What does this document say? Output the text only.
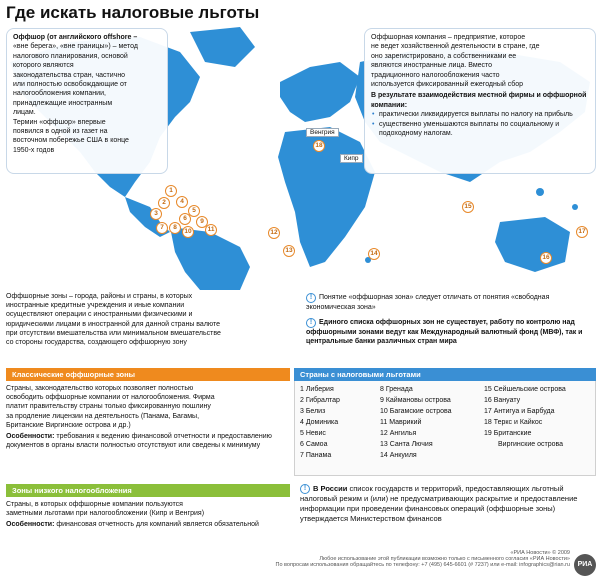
Где искать налоговые льготы
Оффшор (от английского offshore –
«вне берега», «вне границы») – метод
налогового планирования, основой
которого являются
законодательства стран, частично
или полностью освобождающие от
налогообложения компании,
принадлежащие иностранным
лицам.
Термин «оффшор» впервые
появился в одной из газет на
восточном побережье США в конце
1950-х годов
Оффшорная компания – предприятие, которое
не ведет хозяйственной деятельности в стране, где
оно зарегистрировано, а собственниками ее
являются иностранные лица. Вместо
традиционного налогообложения часто
используется фиксированный ежегодный сбор
В результате взаимодействия местной фирмы и оффшорной компании:
• практически ликвидируется выплаты по налогу на прибыль
• существенно уменьшаются выплаты по социальному и подоходному налогам.
Венгрия
Кипр
1
2
3
4
5
6
7	8
9
10	11	12
13	14
15
16
17
18
Оффшорные зоны – города, районы и страны, в которых
иностранные кредитные учреждения и иные компании
осуществляют операции с иностранными физическими и
юридическими лицами в иностранной для данной страны валюте
при отсутствии вмешательства или минимальном вмешательстве
со стороны государства, создающего оффшорную зону
! Понятие «оффшорная зона» следует отличать от понятия «свободная экономическая зона»
! Единого списка оффшорных зон не существует, работу по контролю над оффшорными зонами ведут как Международный валютный фонд (МВФ), так и центральные банки различных стран мира
Классические оффшорные зоны
Страны, законодательство которых позволяет полностью
освободить оффшорные компании от налогообложения. Фирма
платит правительству страны только фиксированную пошлину
за продление лицензии на деятельность (Панама, Багамы,
Британские Виргинские острова и др.)
Особенности: требования к ведению финансовой отчетности и предоставлению документов в органы власти полностью отсутствуют или сведены к минимуму
Зоны низкого налогообложения
Страны, в которых оффшорные компании пользуются
заметными льготами при налогообложении (Кипр и Венгрия)
Особенности: финансовая отчетность для компаний является обязательной
Страны с налоговыми льготами
1 Либерия
2 Гибралтар
3 Белиз
4 Доминика
5 Невис
6 Самоа
7 Панама
8 Гренада
9 Каймановы острова
10 Багамские острова
11 Маврикий
12 Ангилья
13 Санта Лючия
14 Анкуиля
15 Сейшельские острова
16 Вануату
17 Антигуа и Барбуда
18 Теркс и Кайкос
19 Британские
Виргинские острова
! В России список государств и территорий, предоставляющих льготный налоговый режим и (или) не предусматривающих раскрытие и предоставление информации при проведении финансовых операций (оффшорные зоны) утверждается Министерством финансов
«РИА Новости» © 2009
Любое использование этой публикации возможно только с письменного согласия «РИА Новости»
По вопросам использования обращайтесь по телефону: +7 (495) 645-6601 (# 7237) или e-mail: infographics@rian.ru	РИА
